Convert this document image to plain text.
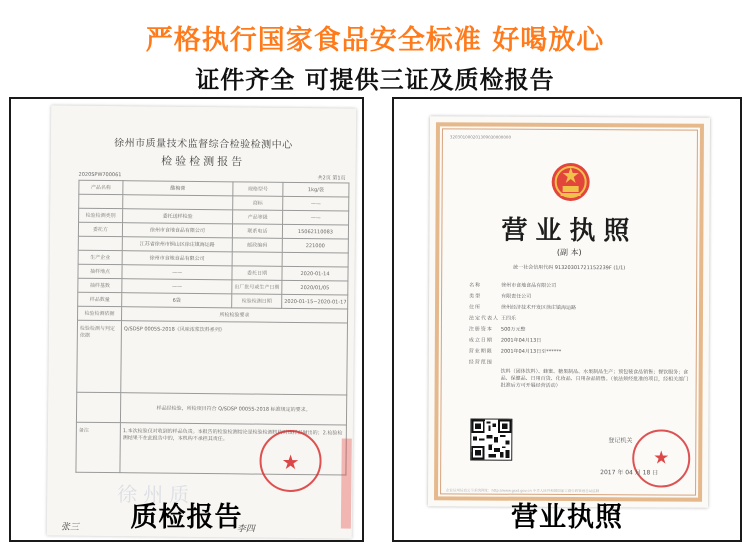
严格执行国家食品安全标准 好喝放心
证件齐全 可提供三证及质检报告
徐州市质量技术监督综合检验检测中心
检验检测报告
2020SPW700061
共2页 第1页
产品名称	酸梅膏	规格型号	1kg/袋
		商标	——
检验检测类别	委托送样检验	产品等级	——
委托方	徐州市食地食品有限公司	联系电话	15062110083
	江苏省徐州市铜山区徐庄镇海运路	邮政编码	221000
生产企业	徐州市食地食品有限公司		
抽样地点	——	委托日期	2020-01-14
抽样基数	——	出厂批号或生产日期	2020/01/05
样品数量	6袋	检验检测日期	2020-01-15~2020-01-17
检验检测依据	所检检验要求		
检验检测与判定依据	Q/SDSP 0005S-2018《风味浓浆饮料系列》		
	样品经检验，所检项目符合 Q/SDSP 0005S-2018 标准规定的要求。		
备注	1.本次检验仅对收到的样品负责。本报告的检验检测结论是检验检测机构对该样品做出的；2.检验检测结果不在此报告中的，本机构不承担其责任。		
徐州质
★
张三	李四
质检报告
320301000201309030000000
营业执照
(副 本)
统一社会信用代码 91320301721152239F (1/1)
名称	徐州市食地食品有限公司
类型	有限责任公司
住所	徐州经济技术开发区徐庄镇海运路
法定代表人 王四乐
注册资本	500万元整
成立日期	2001年04月13日
营业期限	2001年04月13日至******
经营范围
饮料（固体饮料）、蜂蜜、糖果制品、水果制品生产；预包装食品销售；餐饮服务；食品、保健品、日用百货、化妆品、日用杂品销售。（依法须经批准的项目，经相关部门批准后方可开展经营活动）
登记机关
★
2017 年 04 月 18 日
企业信用信息公示系统网址：http://www.gsxt.gov.cn 中华人民共和国国家工商行政管理总局监制
营业执照
